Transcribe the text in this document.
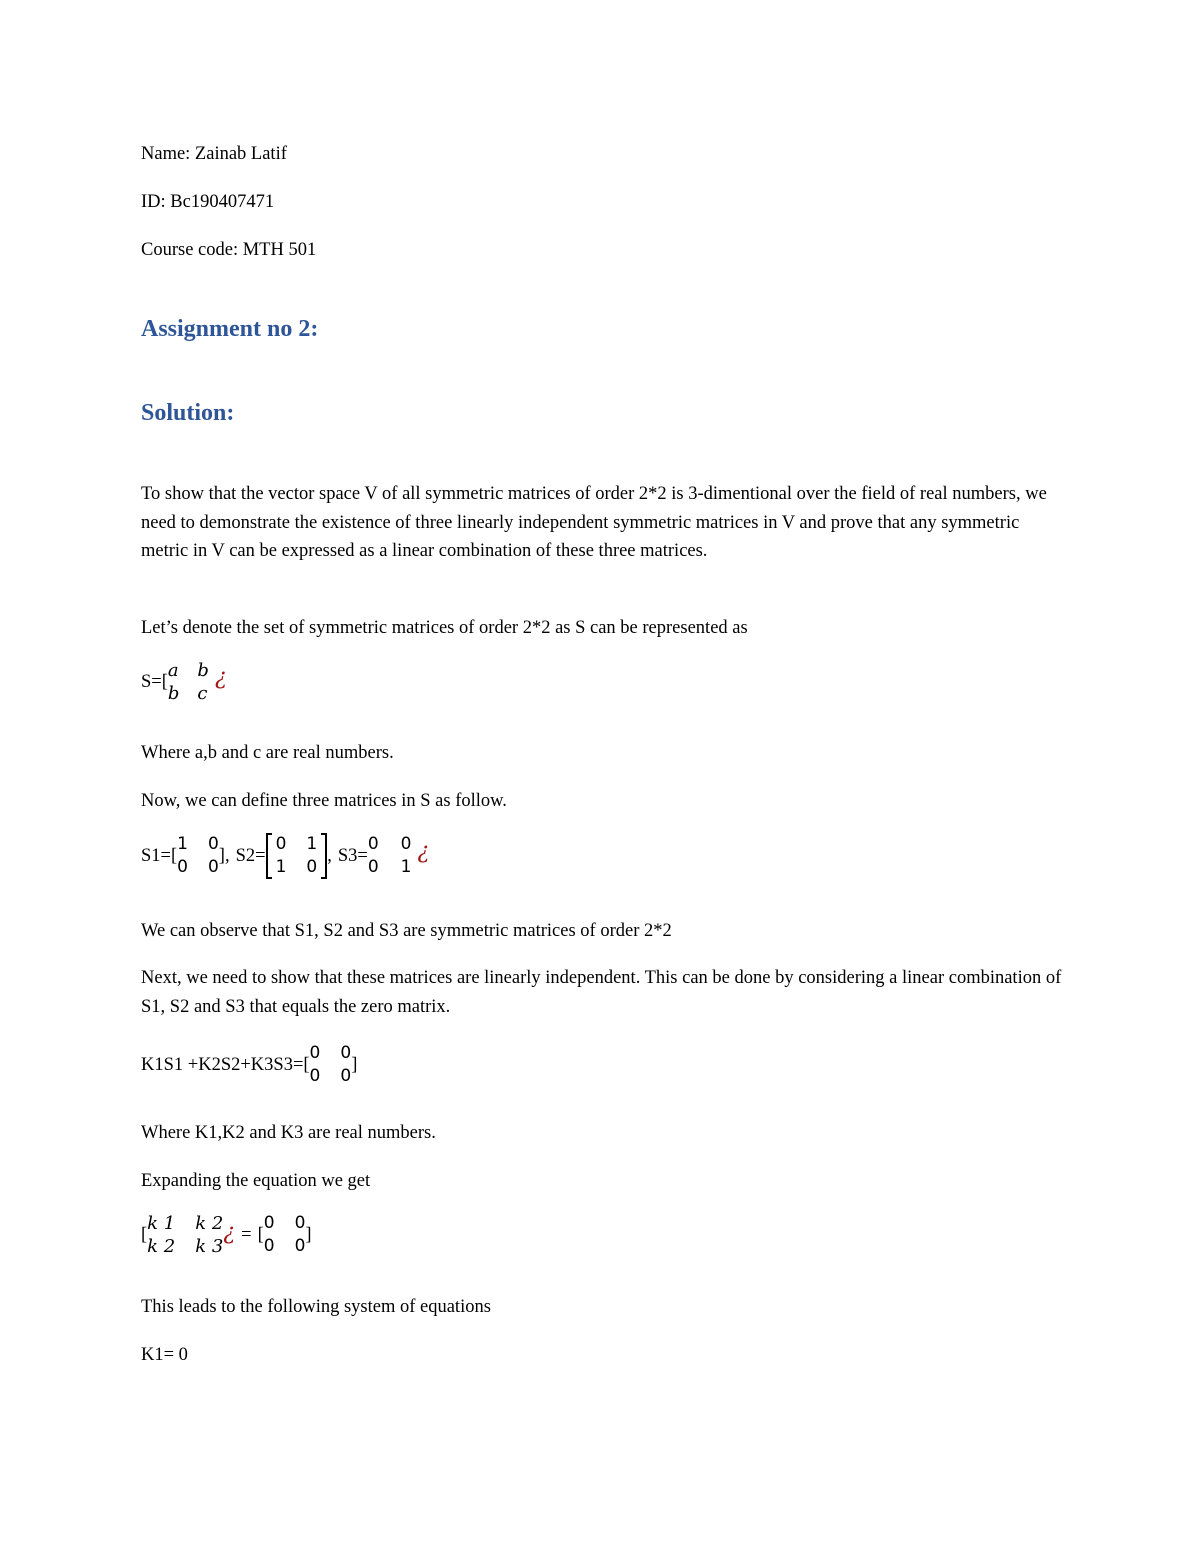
Name: Zainab Latif
ID: Bc190407471
Course code: MTH 501
Assignment no 2:
Solution:
To show that the vector space V of all symmetric matrices of order 2*2 is 3-dimentional over the field of real numbers, we need to demonstrate the existence of three linearly independent symmetric matrices in V and prove that any symmetric metric in V can be expressed as a linear combination of these three matrices.
Let’s denote the set of symmetric matrices of order 2*2 as S can be represented as
S=[
a b
b c
¿
Where a,b and c are real numbers.
Now, we can define three matrices in S as follow.
S1=[
1 0
0 0
], S2=
0 1
1 0
, S3=
0 0
0 1
¿
We can observe that S1, S2 and S3 are symmetric matrices of order 2*2
Next, we need to show that these matrices are linearly independent. This can be done by considering a linear combination of S1, S2 and S3 that equals the zero matrix.
K1S1 +K2S2+K3S3=[
0 0
0 0
]
Where K1,K2 and K3 are real numbers.
Expanding the equation we get
[
k 1 k 2
k 2 k 3
¿ = [
0 0
0 0
]
This leads to the following system of equations
K1= 0
